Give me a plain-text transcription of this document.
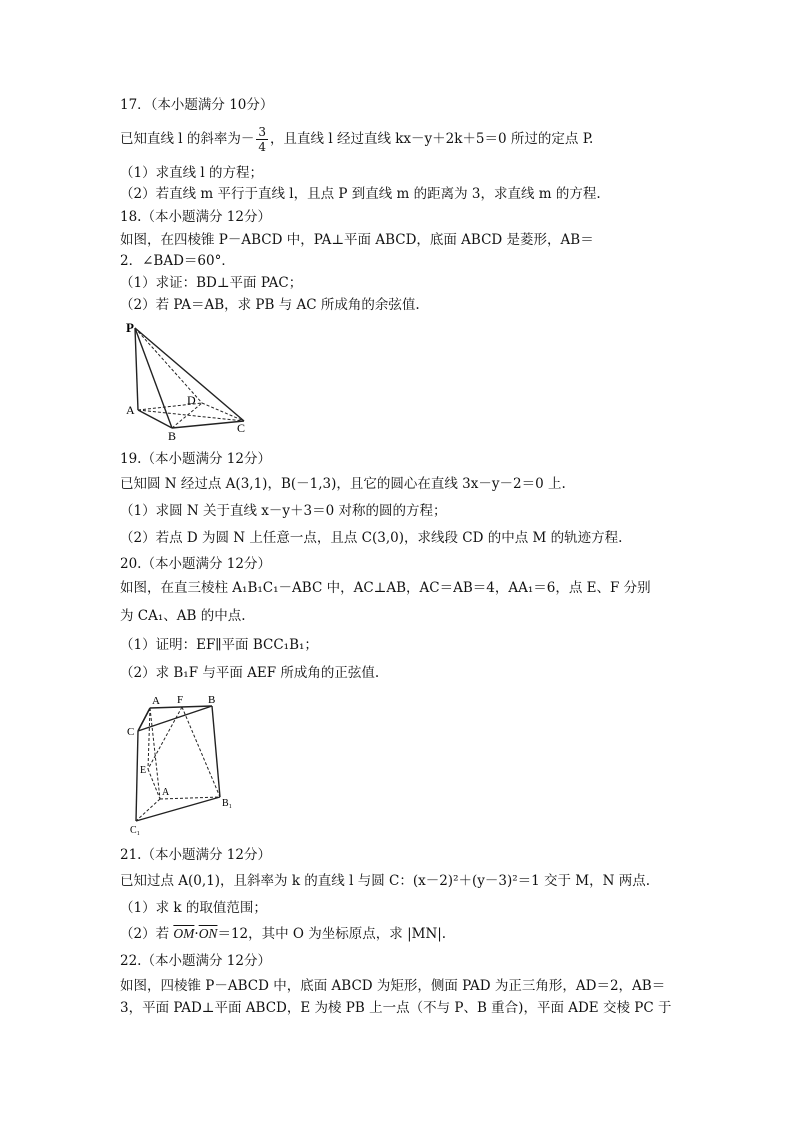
17．（本小题满分 10分）
已知直线 l 的斜率为－ $\frac{3}{4}$ ，且直线 l 经过直线 kx－y＋2k＋5＝0 所过的定点 P.
（1）求直线 l 的方程；
（2）若直线 m 平行于直线 l，且点 P 到直线 m 的距离为 3，求直线 m 的方程.
18.（本小题满分 12分）
如图，在四棱锥 P－ABCD 中，PA⊥平面 ABCD，底面 ABCD 是菱形，AB＝
2．∠BAD＝60°．
（1）求证：BD⊥平面 PAC；
（2）若 PA＝AB，求 PB 与 AC 所成角的余弦值.
P
A
B
C
D
19.（本小题满分 12分）
已知圆 N 经过点 A(3,1)，B(－1,3)，且它的圆心在直线 3x－y－2＝0 上.
（1）求圆 N 关于直线 x－y＋3＝0 对称的圆的方程；
（2）若点 D 为圆 N 上任意一点，且点 C(3,0)，求线段 CD 的中点 M 的轨迹方程.
20.（本小题满分 12分）
如图，在直三棱柱 A₁B₁C₁－ABC 中，AC⊥AB，AC＝AB＝4，AA₁＝6，点 E、F 分别
为 CA₁、AB 的中点.
（1）证明：EF∥平面 BCC₁B₁；
（2）求 B₁F 与平面 AEF 所成角的正弦值.
A F B
C
E
A
B₁
C₁
21.（本小题满分 12分）
已知过点 A(0,1)，且斜率为 k 的直线 l 与圆 C：(x－2)²＋(y－3)²＝1 交于 M，N 两点.
（1）求 k 的取值范围；
（2）若 $\overline{OM}\cdot\overline{ON}=12$，其中 O 为坐标原点，求 |MN|.
22.（本小题满分 12分）
如图，四棱锥 P－ABCD 中，底面 ABCD 为矩形，侧面 PAD 为正三角形，AD＝2，AB＝
3，平面 PAD⊥平面 ABCD，E 为棱 PB 上一点（不与 P、B 重合)，平面 ADE 交棱 PC 于
